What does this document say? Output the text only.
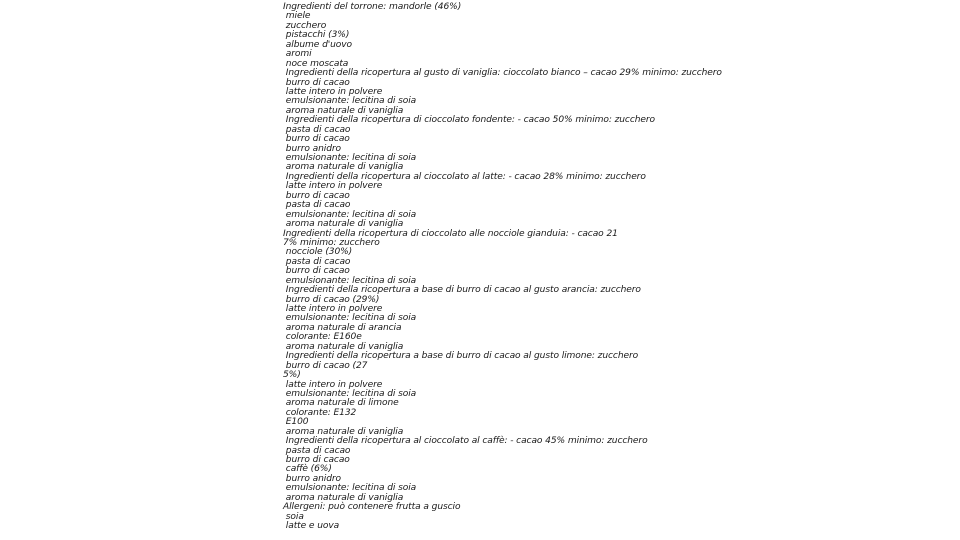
Ingredienti del torrone: mandorle (46%)
miele
zucchero
pistacchi (3%)
albume d'uovo
aromi
noce moscata
Ingredienti della ricopertura al gusto di vaniglia: cioccolato bianco – cacao 29% minimo: zucchero
burro di cacao
latte intero in polvere
emulsionante: lecitina di soia
aroma naturale di vaniglia
Ingredienti della ricopertura di cioccolato fondente: - cacao 50% minimo: zucchero
pasta di cacao
burro di cacao
burro anidro
emulsionante: lecitina di soia
aroma naturale di vaniglia
Ingredienti della ricopertura al cioccolato al latte: - cacao 28% minimo: zucchero
latte intero in polvere
burro di cacao
pasta di cacao
emulsionante: lecitina di soia
aroma naturale di vaniglia
Ingredienti della ricopertura di cioccolato alle nocciole gianduia: - cacao 21
7% minimo: zucchero
nocciole (30%)
pasta di cacao
burro di cacao
emulsionante: lecitina di soia
Ingredienti della ricopertura a base di burro di cacao al gusto arancia: zucchero
burro di cacao (29%)
latte intero in polvere
emulsionante: lecitina di soia
aroma naturale di arancia
colorante: E160e
aroma naturale di vaniglia
Ingredienti della ricopertura a base di burro di cacao al gusto limone: zucchero
burro di cacao (27
5%)
latte intero in polvere
emulsionante: lecitina di soia
aroma naturale di limone
colorante: E132
E100
aroma naturale di vaniglia
Ingredienti della ricopertura al cioccolato al caffè: - cacao 45% minimo: zucchero
pasta di cacao
burro di cacao
caffè (6%)
burro anidro
emulsionante: lecitina di soia
aroma naturale di vaniglia
Allergeni: può contenere frutta a guscio
soia
latte e uova
